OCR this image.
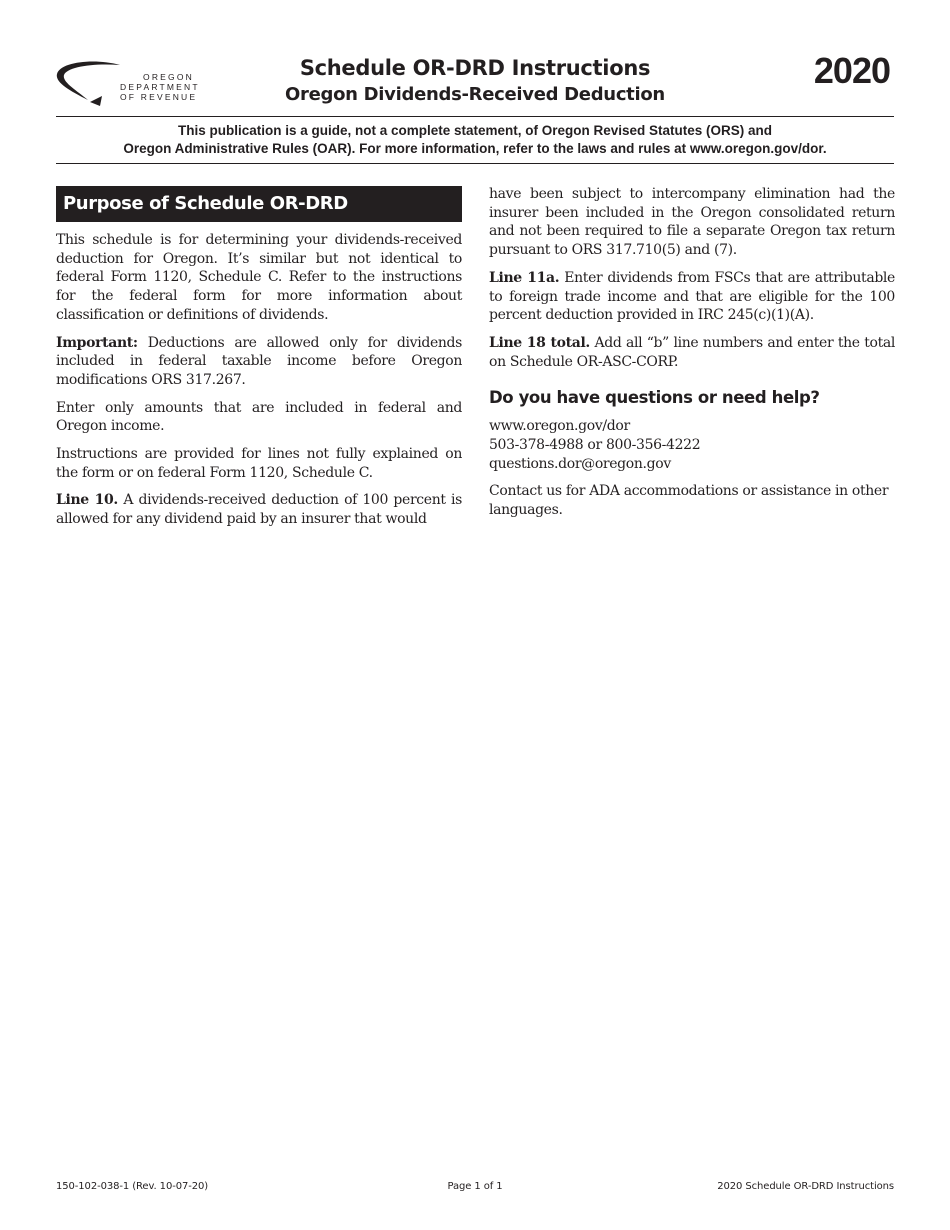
OREGON
DEPARTMENT
OF REVENUE
Schedule OR-DRD Instructions
Oregon Dividends-Received Deduction
2020
This publication is a guide, not a complete statement, of Oregon Revised Statutes (ORS) and
Oregon Administrative Rules (OAR). For more information, refer to the laws and rules at www.oregon.gov/dor.
Purpose of Schedule OR-DRD

This schedule is for determining your dividends-received deduction for Oregon. It’s similar but not identical to federal Form 1120, Schedule C. Refer to the instructions for the federal form for more information about classification or definitions of dividends.

Important: Deductions are allowed only for dividends included in federal taxable income before Oregon modifications ORS 317.267.

Enter only amounts that are included in federal and Oregon income.

Instructions are provided for lines not fully explained on the form or on federal Form 1120, Schedule C.

Line 10. A dividends-received deduction of 100 percent is allowed for any dividend paid by an insurer that would

have been subject to intercompany elimination had the insurer been included in the Oregon consolidated return and not been required to file a separate Oregon tax return pursuant to ORS 317.710(5) and (7).

Line 11a. Enter dividends from FSCs that are attributable to foreign trade income and that are eligible for the 100 percent deduction provided in IRC 245(c)(1)(A).

Line 18 total. Add all “b” line numbers and enter the total on Schedule OR-ASC-CORP.

Do you have questions or need help?
www.oregon.gov/dor
503-378-4988 or 800-356-4222
questions.dor@oregon.gov

Contact us for ADA accommodations or assistance in other languages.

150-102-038-1 (Rev. 10-07-20)	Page 1 of 1	2020 Schedule OR-DRD Instructions
